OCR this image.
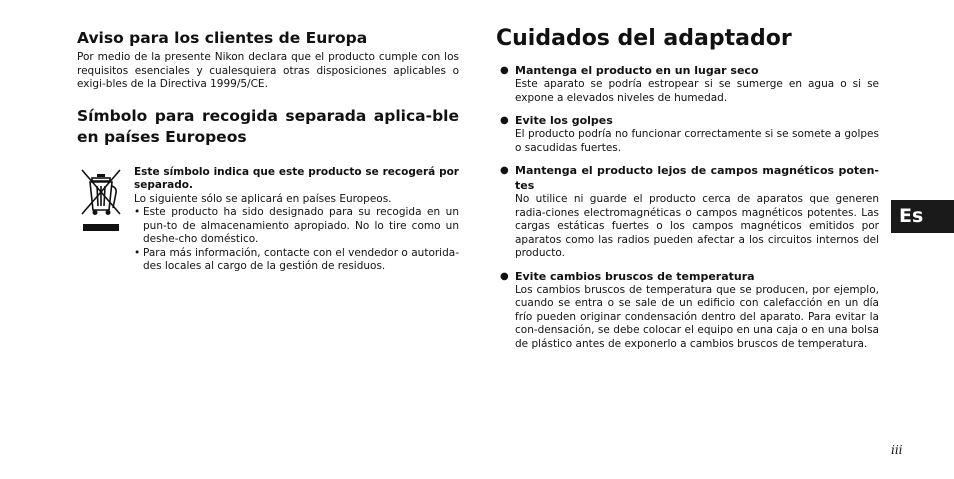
Aviso para los clientes de Europa

Por medio de la presente Nikon declara que el producto cumple con los requisitos esenciales y cualesquiera otras disposiciones aplicables o exigi-bles de la Directiva 1999/5/CE.

Símbolo para recogida separada aplica-ble en países Europeos
Este símbolo indica que este producto se recogerá por separado.
Lo siguiente sólo se aplicará en países Europeos.
• Este producto ha sido designado para su recogida en un pun-to de almacenamiento apropiado. No lo tire como un deshe-cho doméstico.
• Para más información, contacte con el vendedor o autorida-des locales al cargo de la gestión de residuos.
Cuidados del adaptador
● Mantenga el producto en un lugar seco
Este aparato se podría estropear si se sumerge en agua o si se expone a elevados niveles de humedad.
● Evite los golpes
El producto podría no funcionar correctamente si se somete a golpes o sacudidas fuertes.
● Mantenga el producto lejos de campos magnéticos poten-tes
No utilice ni guarde el producto cerca de aparatos que generen radia-ciones electromagnéticas o campos magnéticos potentes. Las cargas estáticas fuertes o los campos magnéticos emitidos por aparatos como las radios pueden afectar a los circuitos internos del producto.
● Evite cambios bruscos de temperatura
Los cambios bruscos de temperatura que se producen, por ejemplo, cuando se entra o se sale de un edificio con calefacción en un día frío pueden originar condensación dentro del aparato. Para evitar la con-densación, se debe colocar el equipo en una caja o en una bolsa de plástico antes de exponerlo a cambios bruscos de temperatura.
Es
iii
